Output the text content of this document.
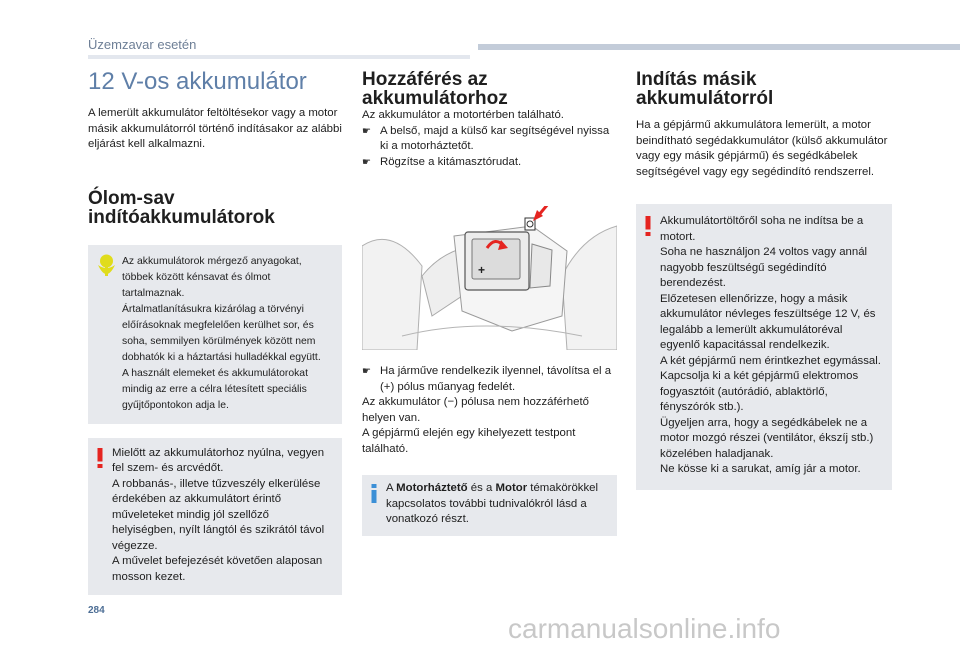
Üzemzavar esetén
12 V-os akkumulátor

A lemerült akkumulátor feltöltésekor vagy a motor másik akkumulátorról történő indításakor az alábbi eljárást kell alkalmazni.

Ólom-sav
indítóakkumulátorok

Az akkumulátorok mérgező anyagokat, többek között kénsavat és ólmot tartalmaznak.
Ártalmatlanításukra kizárólag a törvényi előírásoknak megfelelően kerülhet sor, és soha, semmilyen körülmények között nem dobhatók ki a háztartási hulladékkal együtt.
A használt elemeket és akkumulátorokat mindig az erre a célra létesített speciális gyűjtőpontokon adja le.

Mielőtt az akkumulátorhoz nyúlna, vegyen fel szem- és arcvédőt.
A robbanás-, illetve tűzveszély elkerülése érdekében az akkumulátort érintő műveleteket mindig jól szellőző helyiségben, nyílt lángtól és szikrától távol végezze.
A művelet befejezését követően alaposan mosson kezet.

Hozzáférés az
akkumulátorhoz

Az akkumulátor a motortérben található.

☛ A belső, majd a külső kar segítségével nyissa ki a motorháztetőt.
☛ Rögzítse a kitámasztórudat.
+
☛ Ha járműve rendelkezik ilyennel, távolítsa el a (+) pólus műanyag fedelét.

Az akkumulátor (−) pólusa nem hozzáférhető helyen van.
A gépjármű elején egy kihelyezett testpont található.

A Motorháztető és a Motor témakörökkel kapcsolatos további tudnivalókról lásd a vonatkozó részt.

Indítás másik
akkumulátorról

Ha a gépjármű akkumulátora lemerült, a motor beindítható segédakkumulátor (külső akkumulátor vagy egy másik gépjármű) és segédkábelek segítségével vagy egy segédindító rendszerrel.

Akkumulátortöltőről soha ne indítsa be a motort.
Soha ne használjon 24 voltos vagy annál nagyobb feszültségű segédindító berendezést.
Előzetesen ellenőrizze, hogy a másik akkumulátor névleges feszültsége 12 V, és legalább a lemerült akkumulátoréval egyenlő kapacitással rendelkezik.
A két gépjármű nem érintkezhet egymással.
Kapcsolja ki a két gépjármű elektromos fogyasztóit (autórádió, ablaktörlő, fényszórók stb.).
Ügyeljen arra, hogy a segédkábelek ne a motor mozgó részei (ventilátor, ékszíj stb.) közelében haladjanak.
Ne kösse ki a sarukat, amíg jár a motor.

284
carmanualsonline.info
